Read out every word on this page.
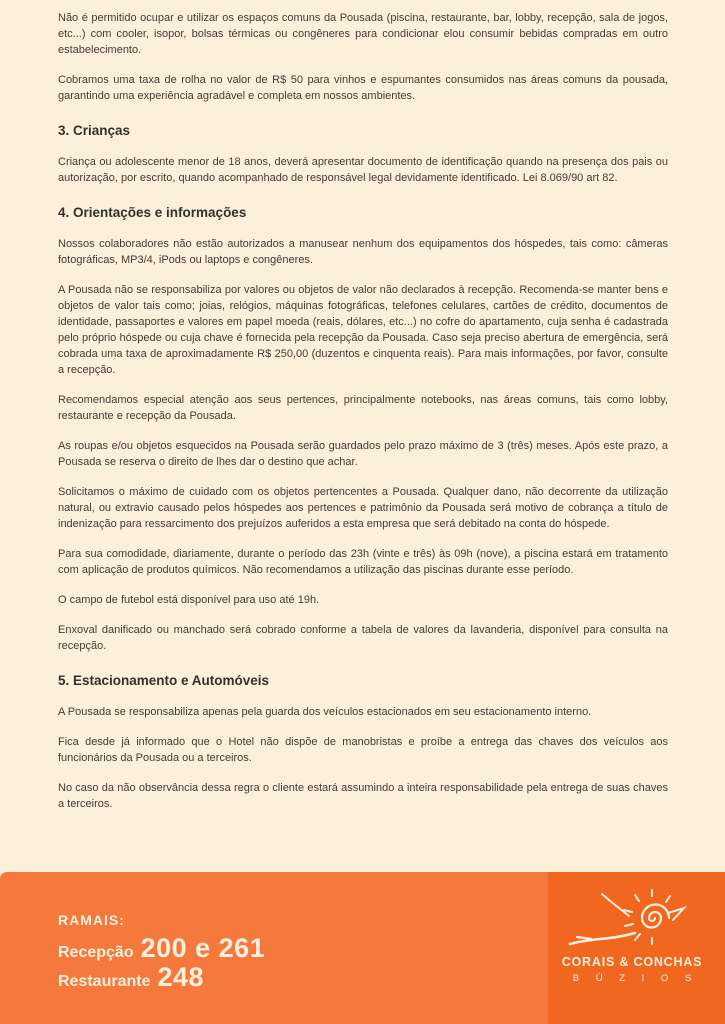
Não é permitido ocupar e utilizar os espaços comuns da Pousada (piscina, restaurante, bar, lobby, recepção, sala de jogos, etc...) com cooler, isopor, bolsas térmicas ou congêneres para condicionar elou consumir bebidas compradas em outro estabelecimento.

Cobramos uma taxa de rolha no valor de R$ 50 para vinhos e espumantes consumidos nas áreas comuns da pousada, garantindo uma experiência agradável e completa em nossos ambientes.

3. Crianças

Criança ou adolescente menor de 18 anos, deverá apresentar documento de identificação quando na presença dos pais ou autorização, por escrito, quando acompanhado de responsável legal devidamente identificado. Lei 8.069/90 art 82.

4. Orientações e informações

Nossos colaboradores não estão autorizados a manusear nenhum dos equipamentos dos hóspedes, tais como: câmeras fotográficas, MP3/4, iPods ou laptops e congêneres.

A Pousada não se responsabiliza por valores ou objetos de valor não declarados à recepção. Recomenda-se manter bens e objetos de valor tais como; joias, relógios, máquinas fotográficas, telefones celulares, cartões de crédito, documentos de identidade, passaportes e valores em papel moeda (reais, dólares, etc...) no cofre do apartamento, cuja senha é cadastrada pelo próprio hóspede ou cuja chave é fornecida pela recepção da Pousada. Caso seja preciso abertura de emergência, será cobrada uma taxa de aproximadamente R$ 250,00 (duzentos e cinquenta reais). Para mais informações, por favor, consulte a recepção.

Recomendamos especial atenção aos seus pertences, principalmente notebooks, nas áreas comuns, tais como lobby, restaurante e recepção da Pousada.

As roupas e/ou objetos esquecidos na Pousada serão guardados pelo prazo máximo de 3 (três) meses. Após este prazo, a Pousada se reserva o direito de lhes dar o destino que achar.

Solicitamos o máximo de cuidado com os objetos pertencentes a Pousada. Qualquer dano, não decorrente da utilização natural, ou extravio causado pelos hóspedes aos pertences e patrimônio da Pousada será motivo de cobrança a título de indenização para ressarcimento dos prejuízos auferidos a esta empresa que será debitado na conta do hóspede.

Para sua comodidade, diariamente, durante o período das 23h (vinte e três) às 09h (nove), a piscina estará em tratamento com aplicação de produtos químicos. Não recomendamos a utilização das piscinas durante esse período.

O campo de futebol está disponível para uso até 19h.

Enxoval danificado ou manchado será cobrado conforme a tabela de valores da lavanderia, disponível para consulta na recepção.

5. Estacionamento e Automóveis

A Pousada se responsabiliza apenas pela guarda dos veículos estacionados em seu estacionamento interno.

Fica desde já informado que o Hotel não dispõe de manobristas e proíbe a entrega das chaves dos veículos aos funcionários da Pousada ou a terceiros.

No caso da não observância dessa regra o cliente estará assumindo a inteira responsabilidade pela entrega de suas chaves a terceiros.

RAMAIS:
Recepção 200 e 261
Restaurante 248	CORAIS & CONCHAS
B Ú Z I O S
